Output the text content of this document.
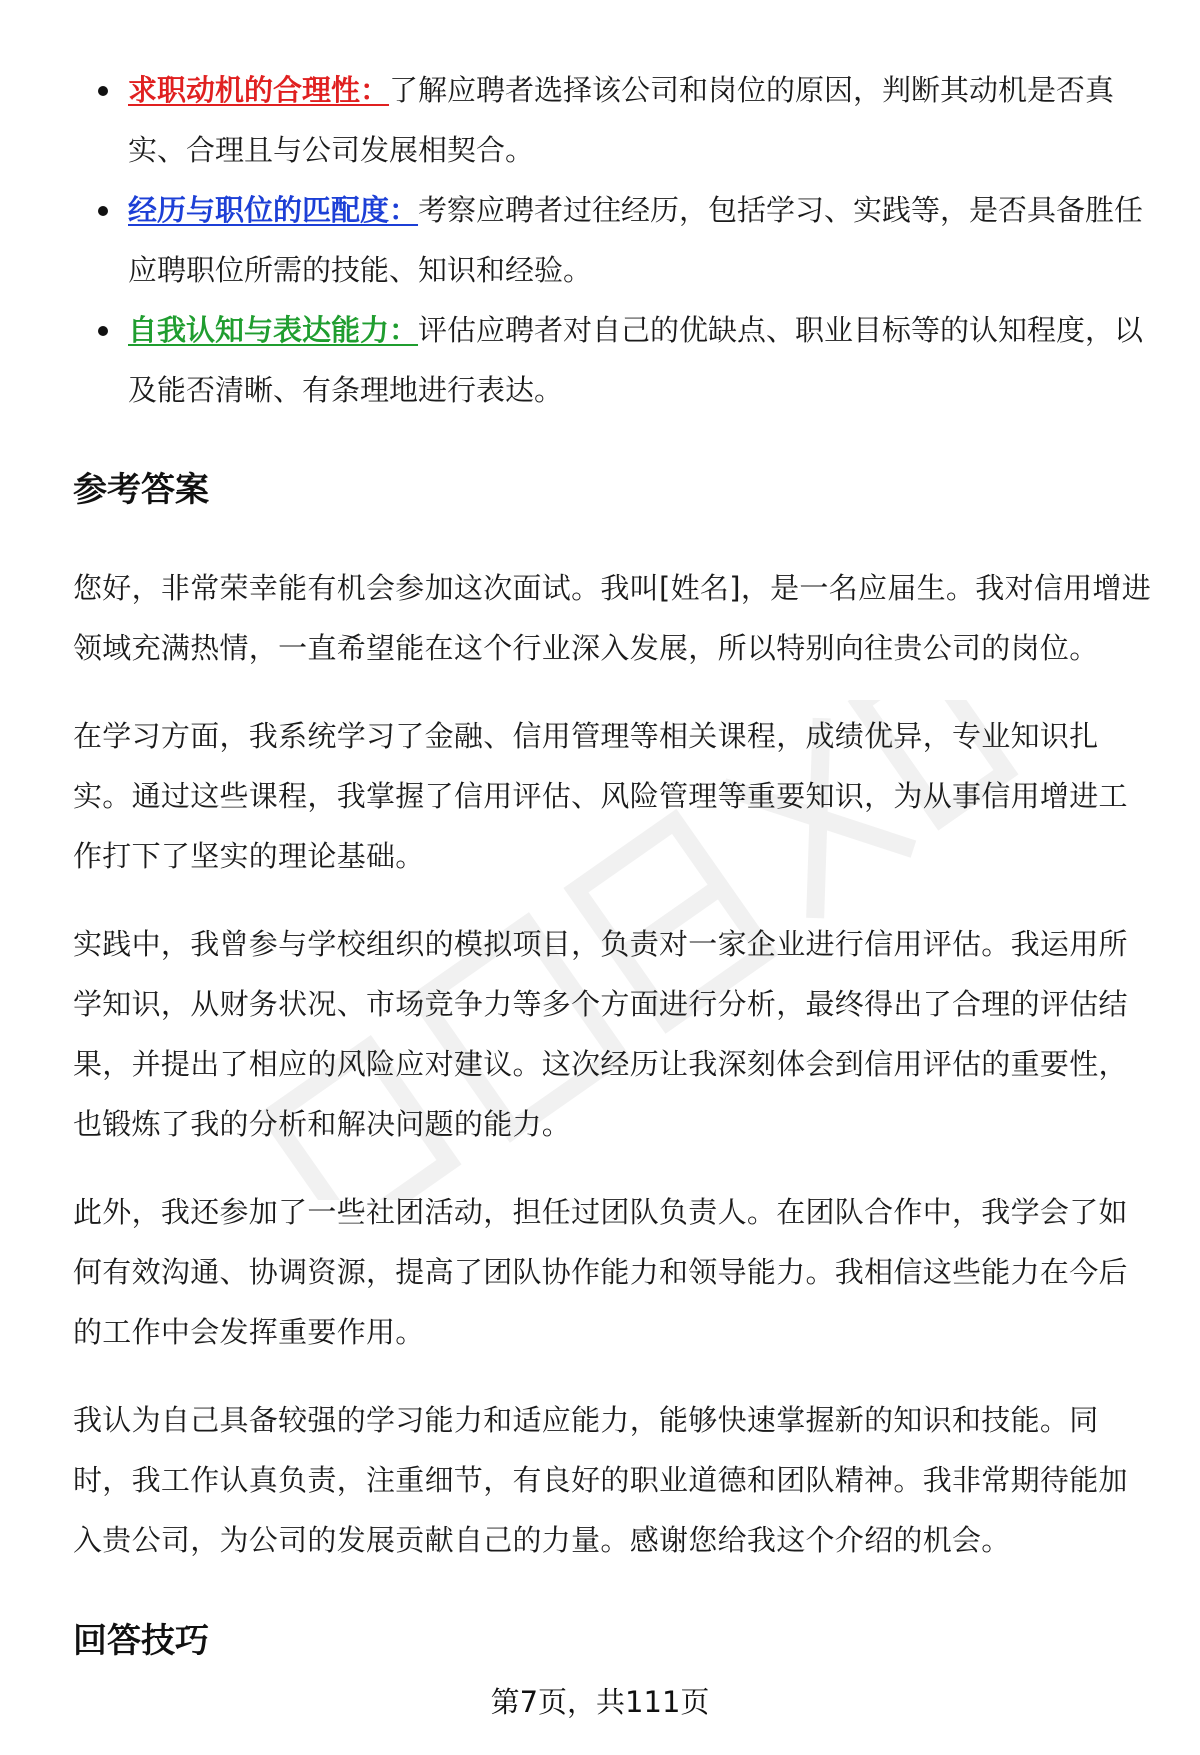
求职动机的合理性：了解应聘者选择该公司和岗位的原因，判断其动机是否真实、合理且与公司发展相契合。
经历与职位的匹配度：考察应聘者过往经历，包括学习、实践等，是否具备胜任应聘职位所需的技能、知识和经验。
自我认知与表达能力：评估应聘者对自己的优缺点、职业目标等的认知程度，以及能否清晰、有条理地进行表达。
参考答案

您好，非常荣幸能有机会参加这次面试。我叫[姓名]，是一名应届生。我对信用增进领域充满热情，一直希望能在这个行业深入发展，所以特别向往贵公司的岗位。

在学习方面，我系统学习了金融、信用管理等相关课程，成绩优异，专业知识扎实。通过这些课程，我掌握了信用评估、风险管理等重要知识，为从事信用增进工作打下了坚实的理论基础。

实践中，我曾参与学校组织的模拟项目，负责对一家企业进行信用评估。我运用所学知识，从财务状况、市场竞争力等多个方面进行分析，最终得出了合理的评估结果，并提出了相应的风险应对建议。这次经历让我深刻体会到信用评估的重要性，也锻炼了我的分析和解决问题的能力。

此外，我还参加了一些社团活动，担任过团队负责人。在团队合作中，我学会了如何有效沟通、协调资源，提高了团队协作能力和领导能力。我相信这些能力在今后的工作中会发挥重要作用。

我认为自己具备较强的学习能力和适应能力，能够快速掌握新的知识和技能。同时，我工作认真负责，注重细节，有良好的职业道德和团队精神。我非常期待能加入贵公司，为公司的发展贡献自己的力量。感谢您给我这个介绍的机会。

回答技巧
第7页，共111页
